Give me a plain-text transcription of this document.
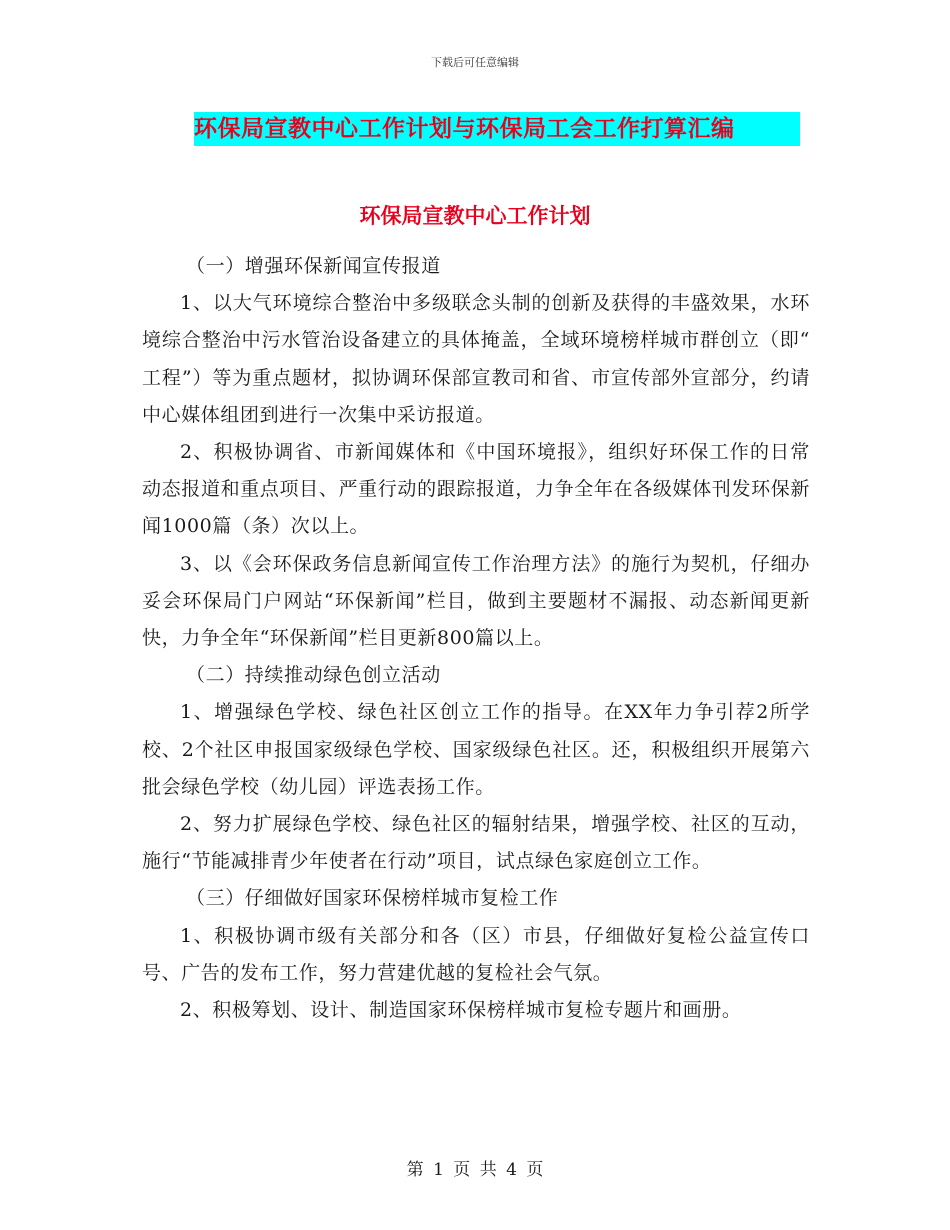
下载后可任意编辑
环保局宣教中心工作计划与环保局工会工作打算汇编
环保局宣教中心工作计划

（一）增强环保新闻宣传报道

1、以大气环境综合整治中多级联念头制的创新及获得的丰盛效果，水环境综合整治中污水管治设备建立的具体掩盖，全域环境榜样城市群创立（即“ 工程”）等为重点题材，拟协调环保部宣教司和省、市宣传部外宣部分，约请中心媒体组团到进行一次集中采访报道。

2、积极协调省、市新闻媒体和《中国环境报》，组织好环保工作的日常动态报道和重点项目、严重行动的跟踪报道，力争全年在各级媒体刊发环保新闻1000篇（条）次以上。

3、以《会环保政务信息新闻宣传工作治理方法》的施行为契机，仔细办妥会环保局门户网站“环保新闻”栏目，做到主要题材不漏报、动态新闻更新快，力争全年“环保新闻”栏目更新800篇以上。

（二）持续推动绿色创立活动

1、增强绿色学校、绿色社区创立工作的指导。在XX年力争引荐2所学校、2个社区申报国家级绿色学校、国家级绿色社区。还，积极组织开展第六批会绿色学校（幼儿园）评选表扬工作。

2、努力扩展绿色学校、绿色社区的辐射结果，增强学校、社区的互动，施行“节能减排青少年使者在行动”项目，试点绿色家庭创立工作。

（三）仔细做好国家环保榜样城市复检工作

1、积极协调市级有关部分和各（区）市县，仔细做好复检公益宣传口号、广告的发布工作，努力营建优越的复检社会气氛。

2、积极筹划、设计、制造国家环保榜样城市复检专题片和画册。

第 1 页 共 4 页
